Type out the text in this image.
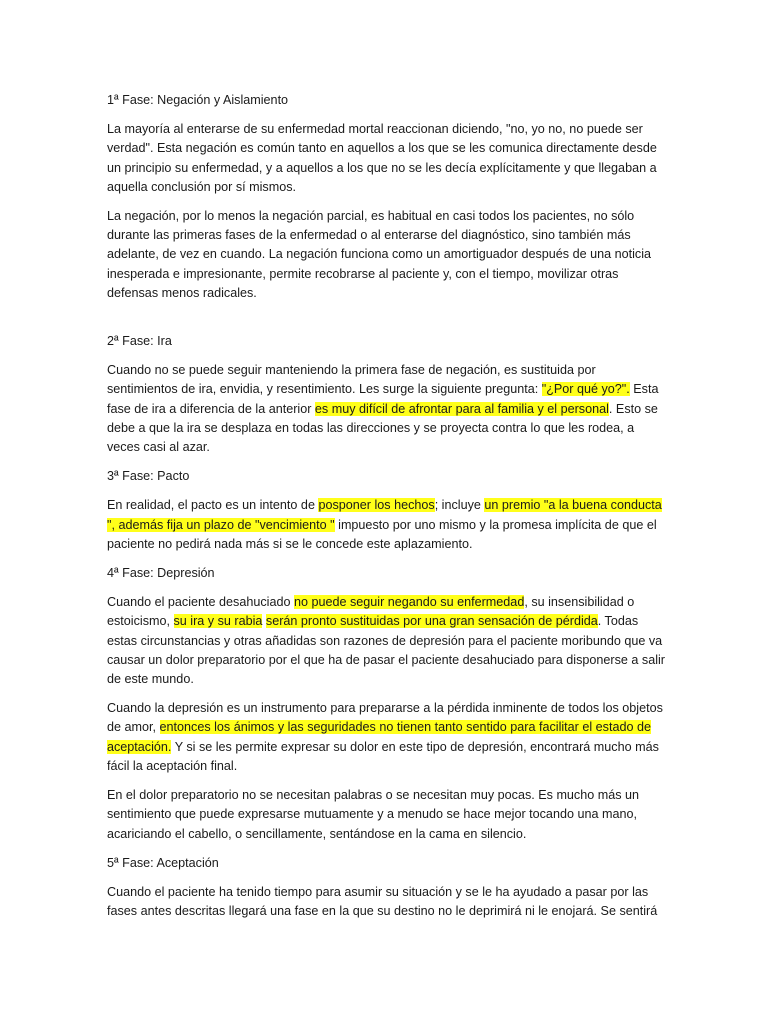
1ª Fase: Negación y Aislamiento

La mayoría al enterarse de su enfermedad mortal reaccionan diciendo, "no, yo no, no puede ser verdad". Esta negación es común tanto en aquellos a los que se les comunica directamente desde un principio su enfermedad, y a aquellos a los que no se les decía explícitamente y que llegaban a aquella conclusión por sí mismos.

La negación, por lo menos la negación parcial, es habitual en casi todos los pacientes, no sólo durante las primeras fases de la enfermedad o al enterarse del diagnóstico, sino también más adelante, de vez en cuando. La negación funciona como un amortiguador después de una noticia inesperada e impresionante, permite recobrarse al paciente y, con el tiempo, movilizar otras defensas menos radicales.

2ª Fase: Ira

Cuando no se puede seguir manteniendo la primera fase de negación, es sustituida por sentimientos de ira, envidia, y resentimiento. Les surge la siguiente pregunta: "¿Por qué yo?". Esta fase de ira a diferencia de la anterior es muy difícil de afrontar para al familia y el personal. Esto se debe a que la ira se desplaza en todas las direcciones y se proyecta contra lo que les rodea, a veces casi al azar.

3ª Fase: Pacto

En realidad, el pacto es un intento de posponer los hechos; incluye un premio "a la buena conducta ", además fija un plazo de "vencimiento " impuesto por uno mismo y la promesa implícita de que el paciente no pedirá nada más si se le concede este aplazamiento.

4ª Fase: Depresión

Cuando el paciente desahuciado no puede seguir negando su enfermedad, su insensibilidad o estoicismo, su ira y su rabia serán pronto sustituidas por una gran sensación de pérdida. Todas estas circunstancias y otras añadidas son razones de depresión para el paciente moribundo que va causar un dolor preparatorio por el que ha de pasar el paciente desahuciado para disponerse a salir de este mundo.

Cuando la depresión es un instrumento para prepararse a la pérdida inminente de todos los objetos de amor, entonces los ánimos y las seguridades no tienen tanto sentido para facilitar el estado de aceptación. Y si se les permite expresar su dolor en este tipo de depresión, encontrará mucho más fácil la aceptación final.

En el dolor preparatorio no se necesitan palabras o se necesitan muy pocas. Es mucho más un sentimiento que puede expresarse mutuamente y a menudo se hace mejor tocando una mano, acariciando el cabello, o sencillamente, sentándose en la cama en silencio.

5ª Fase: Aceptación

Cuando el paciente ha tenido tiempo para asumir su situación y se le ha ayudado a pasar por las fases antes descritas llegará una fase en la que su destino no le deprimirá ni le enojará. Se sentirá
